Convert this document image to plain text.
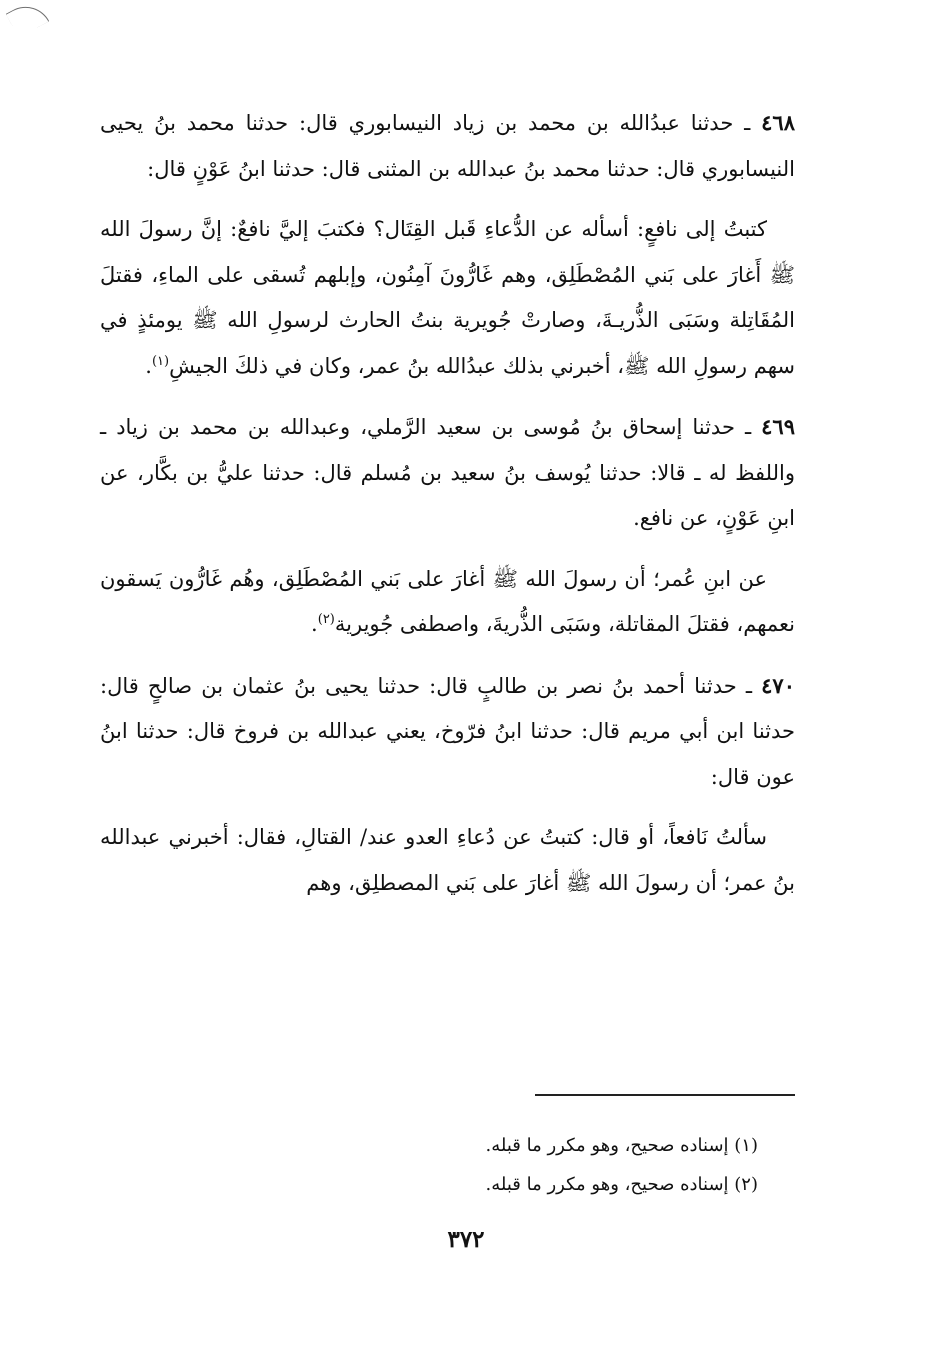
٤٦٨ ـ حدثنا عبدُالله بن محمد بن زياد النيسابوري قال: حدثنا محمد بنُ يحيى النيسابوري قال: حدثنا محمد بنُ عبدالله بن المثنى قال: حدثنا ابنُ عَوْنٍ قال:

كتبتُ إلى نافعٍ: أسأله عن الدُّعاءِ قَبل القِتَال؟ فكتبَ إليَّ نافعٌ: إنَّ رسولَ الله ﷺ أَغارَ على بَني المُصْطَلِق، وهم غَارُّونَ آمِنُون، وإبلهم تُسقى على الماءِ، فقتلَ المُقَاتِلة وسَبَى الذُّريـةَ، وصارتْ جُويرية بنتُ الحارث لرسولِ الله ﷺ يومئذٍ في سهم رسولِ الله ﷺ، أخبرني بذلك عبدُالله بنُ عمر، وكان في ذلكَ الجيشِ$^{(١)}$.

٤٦٩ ـ حدثنا إسحاق بنُ مُوسى بن سعيد الرَّملي، وعبدالله بن محمد بن زياد ـ واللفظ له ـ قالا: حدثنا يُوسف بنُ سعيد بن مُسلم قال: حدثنا عليُّ بن بكَّار، عن ابنِ عَوْنٍ، عن نافع.

عن ابنِ عُمر؛ أن رسولَ الله ﷺ أغارَ على بَني المُصْطَلِق، وهُم غَارُّون يَسقون نعمهم، فقتلَ المقاتلة، وسَبَى الذُّريةَ، واصطفى جُويرية$^{(٢)}$.

٤٧٠ ـ حدثنا أحمد بنُ نصر بن طالبٍ قال: حدثنا يحيى بنُ عثمان بن صالحٍ قال: حدثنا ابن أبي مريم قال: حدثنا ابنُ فرّوخ، يعني عبدالله بن فروخ قال: حدثنا ابنُ عون قال:

سألتُ نَافعاً، أو قال: كتبتُ عن دُعاءِ العدو عند/ القتالِ، فقال: أخبرني عبدالله بنُ عمر؛ أن رسولَ الله ﷺ أغارَ على بَني المصطلِق، وهم

(١) إسناده صحيح، وهو مكرر ما قبله.

(٢) إسناده صحيح، وهو مكرر ما قبله.

٣٧٢
